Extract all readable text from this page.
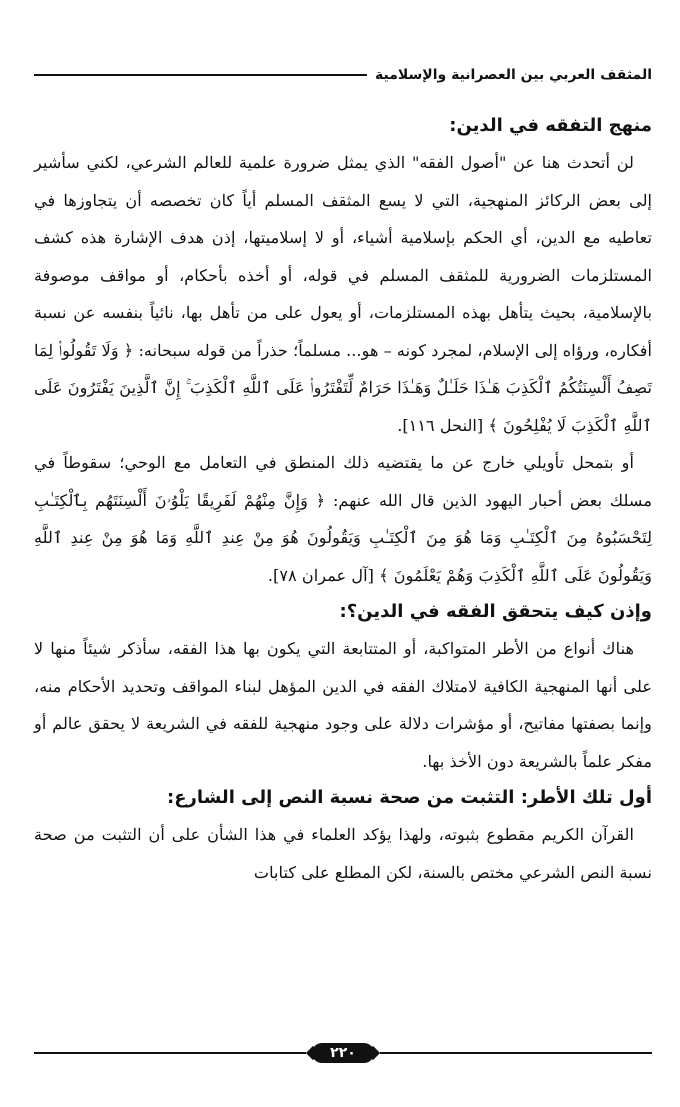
المثقف العربي بين العصرانية والإسلامية
منهج التفقه في الدين:

لن أتحدث هنا عن "أصول الفقه" الذي يمثل ضرورة علمية للعالم الشرعي، لكني سأشير إلى بعض الركائز المنهجية، التي لا يسع المثقف المسلم أياً كان تخصصه أن يتجاوزها في تعاطيه مع الدين، أي الحكم بإسلامية أشياء، أو لا إسلاميتها، إذن هدف الإشارة هذه كشف المستلزمات الضرورية للمثقف المسلم في قوله، أو أخذه بأحكام، أو مواقف موصوفة بالإسلامية، بحيث يتأهل بهذه المستلزمات، أو يعول على من تأهل بها، نائياً بنفسه عن نسبة أفكاره، ورؤاه إلى الإسلام، لمجرد كونه – هو... مسلماً؛ حذراً من قوله سبحانه: ﴿ وَلَا تَقُولُوا۟ لِمَا تَصِفُ أَلْسِنَتُكُمُ ٱلْكَذِبَ هَـٰذَا حَلَـٰلٌ وَهَـٰذَا حَرَامٌ لِّتَفْتَرُوا۟ عَلَى ٱللَّهِ ٱلْكَذِبَ ۚ إِنَّ ٱلَّذِينَ يَفْتَرُونَ عَلَى ٱللَّهِ ٱلْكَذِبَ لَا يُفْلِحُونَ ﴾ [النحل ١١٦].

أو بتمحل تأويلي خارج عن ما يقتضيه ذلك المنطق في التعامل مع الوحي؛ سقوطاً في مسلك بعض أحبار اليهود الذين قال الله عنهم: ﴿ وَإِنَّ مِنْهُمْ لَفَرِيقًا يَلْوُۥنَ أَلْسِنَتَهُم بِٱلْكِتَـٰبِ لِتَحْسَبُوهُ مِنَ ٱلْكِتَـٰبِ وَمَا هُوَ مِنَ ٱلْكِتَـٰبِ وَيَقُولُونَ هُوَ مِنْ عِندِ ٱللَّهِ وَمَا هُوَ مِنْ عِندِ ٱللَّهِ وَيَقُولُونَ عَلَى ٱللَّهِ ٱلْكَذِبَ وَهُمْ يَعْلَمُونَ ﴾ [آل عمران ٧٨].

وإذن كيف يتحقق الفقه في الدين؟:

هناك أنواع من الأطر المتواكبة، أو المتتابعة التي يكون بها هذا الفقه، سأذكر شيئاً منها لا على أنها المنهجية الكافية لامتلاك الفقه في الدين المؤهل لبناء المواقف وتحديد الأحكام منه، وإنما بصفتها مفاتيح، أو مؤشرات دلالة على وجود منهجية للفقه في الشريعة لا يحقق عالم أو مفكر علماً بالشريعة دون الأخذ بها.

أول تلك الأطر: التثبت من صحة نسبة النص إلى الشارع:

القرآن الكريم مقطوع بثبوته، ولهذا يؤكد العلماء في هذا الشأن على أن التثبت من صحة نسبة النص الشرعي مختص بالسنة، لكن المطلع على كتابات

٢٢٠
